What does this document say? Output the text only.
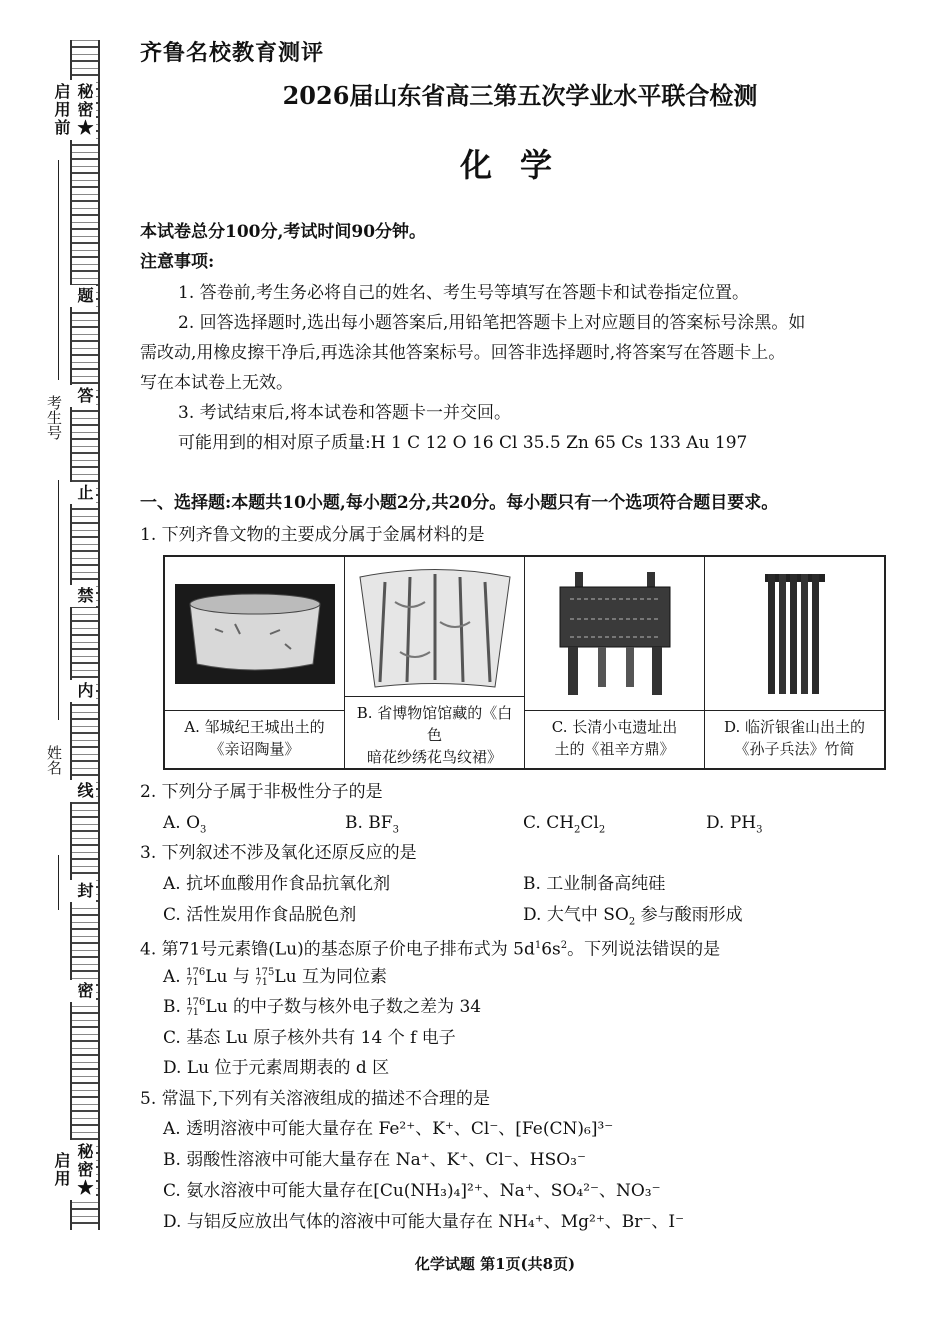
秘密★启用前
题
答
止
禁
内
线
封
密
秘密★启用
考生号
姓名
齐鲁名校教育测评
2026届山东省高三第五次学业水平联合检测
化学
本试卷总分100分,考试时间90分钟。
注意事项:
1. 答卷前,考生务必将自己的姓名、考生号等填写在答题卡和试卷指定位置。
2. 回答选择题时,选出每小题答案后,用铅笔把答题卡上对应题目的答案标号涂黑。如
需改动,用橡皮擦干净后,再选涂其他答案标号。回答非选择题时,将答案写在答题卡上。
写在本试卷上无效。
3. 考试结束后,将本试卷和答题卡一并交回。
可能用到的相对原子质量:H 1 C 12 O 16 Cl 35.5 Zn 65 Cs 133 Au 197
一、选择题:本题共10小题,每小题2分,共20分。每小题只有一个选项符合题目要求。
1. 下列齐鲁文物的主要成分属于金属材料的是
A. 邹城纪王城出土的
《亲诏陶量》
B. 省博物馆馆藏的《白色
暗花纱绣花鸟纹裙》
C. 长清小屯遗址出
土的《祖辛方鼎》
D. 临沂银雀山出土的
《孙子兵法》竹简
2. 下列分子属于非极性分子的是
A. $O_3$	B. $BF_3$	C. $CH_2Cl_2$	D. $PH_3$
3. 下列叙述不涉及氧化还原反应的是
A. 抗坏血酸用作食品抗氧化剂	B. 工业制备高纯硅
C. 活性炭用作食品脱色剂	D. 大气中 $SO_2$ 参与酸雨形成
4. 第71号元素镥(Lu)的基态原子价电子排布式为 $5d^16s^2$。下列说法错误的是
A. 176
71 Lu 与 175
71 Lu 互为同位素
B. 176
71 Lu 的中子数与核外电子数之差为 34
C. 基态 Lu 原子核外共有 14 个 f 电子
D. Lu 位于元素周期表的 d 区
5. 常温下,下列有关溶液组成的描述不合理的是
A. 透明溶液中可能大量存在 Fe²⁺、K⁺、Cl⁻、[Fe(CN)₆]³⁻
B. 弱酸性溶液中可能大量存在 Na⁺、K⁺、Cl⁻、HSO₃⁻
C. 氨水溶液中可能大量存在[Cu(NH₃)₄]²⁺、Na⁺、SO₄²⁻、NO₃⁻
D. 与铝反应放出气体的溶液中可能大量存在 NH₄⁺、Mg²⁺、Br⁻、I⁻
化学试题 第1页(共8页)
